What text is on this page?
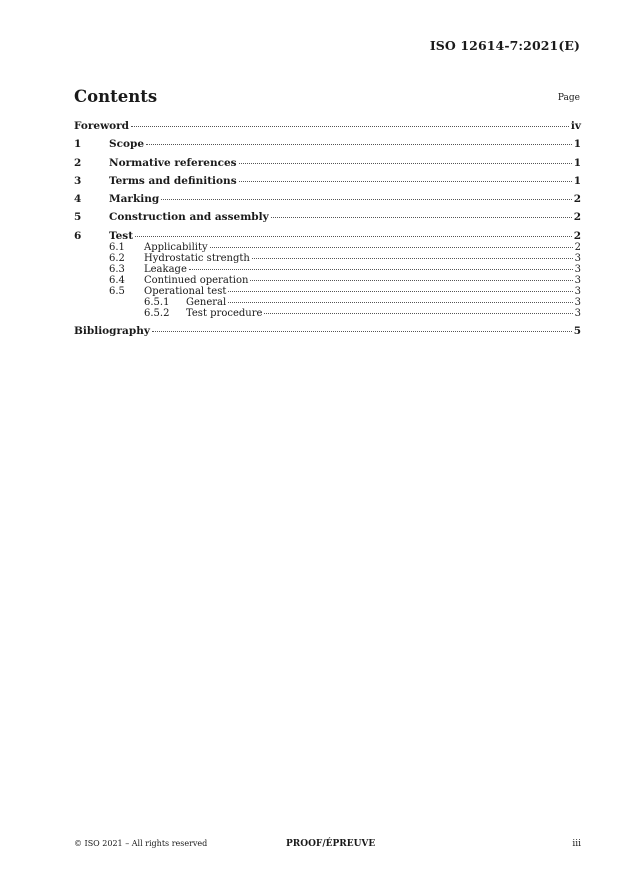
ISO 12614-7:2021(E)
Contents	Page
Foreword	iv
1	Scope	1
2	Normative references	1
3	Terms and definitions	1
4	Marking	2
5	Construction and assembly	2
6	Test	2
6.1	Applicability	2
6.2	Hydrostatic strength	3
6.3	Leakage	3
6.4	Continued operation	3
6.5	Operational test	3
6.5.1	General	3
6.5.2	Test procedure	3
Bibliography	5
© ISO 2021 – All rights reserved	PROOF/ÉPREUVE	iii
